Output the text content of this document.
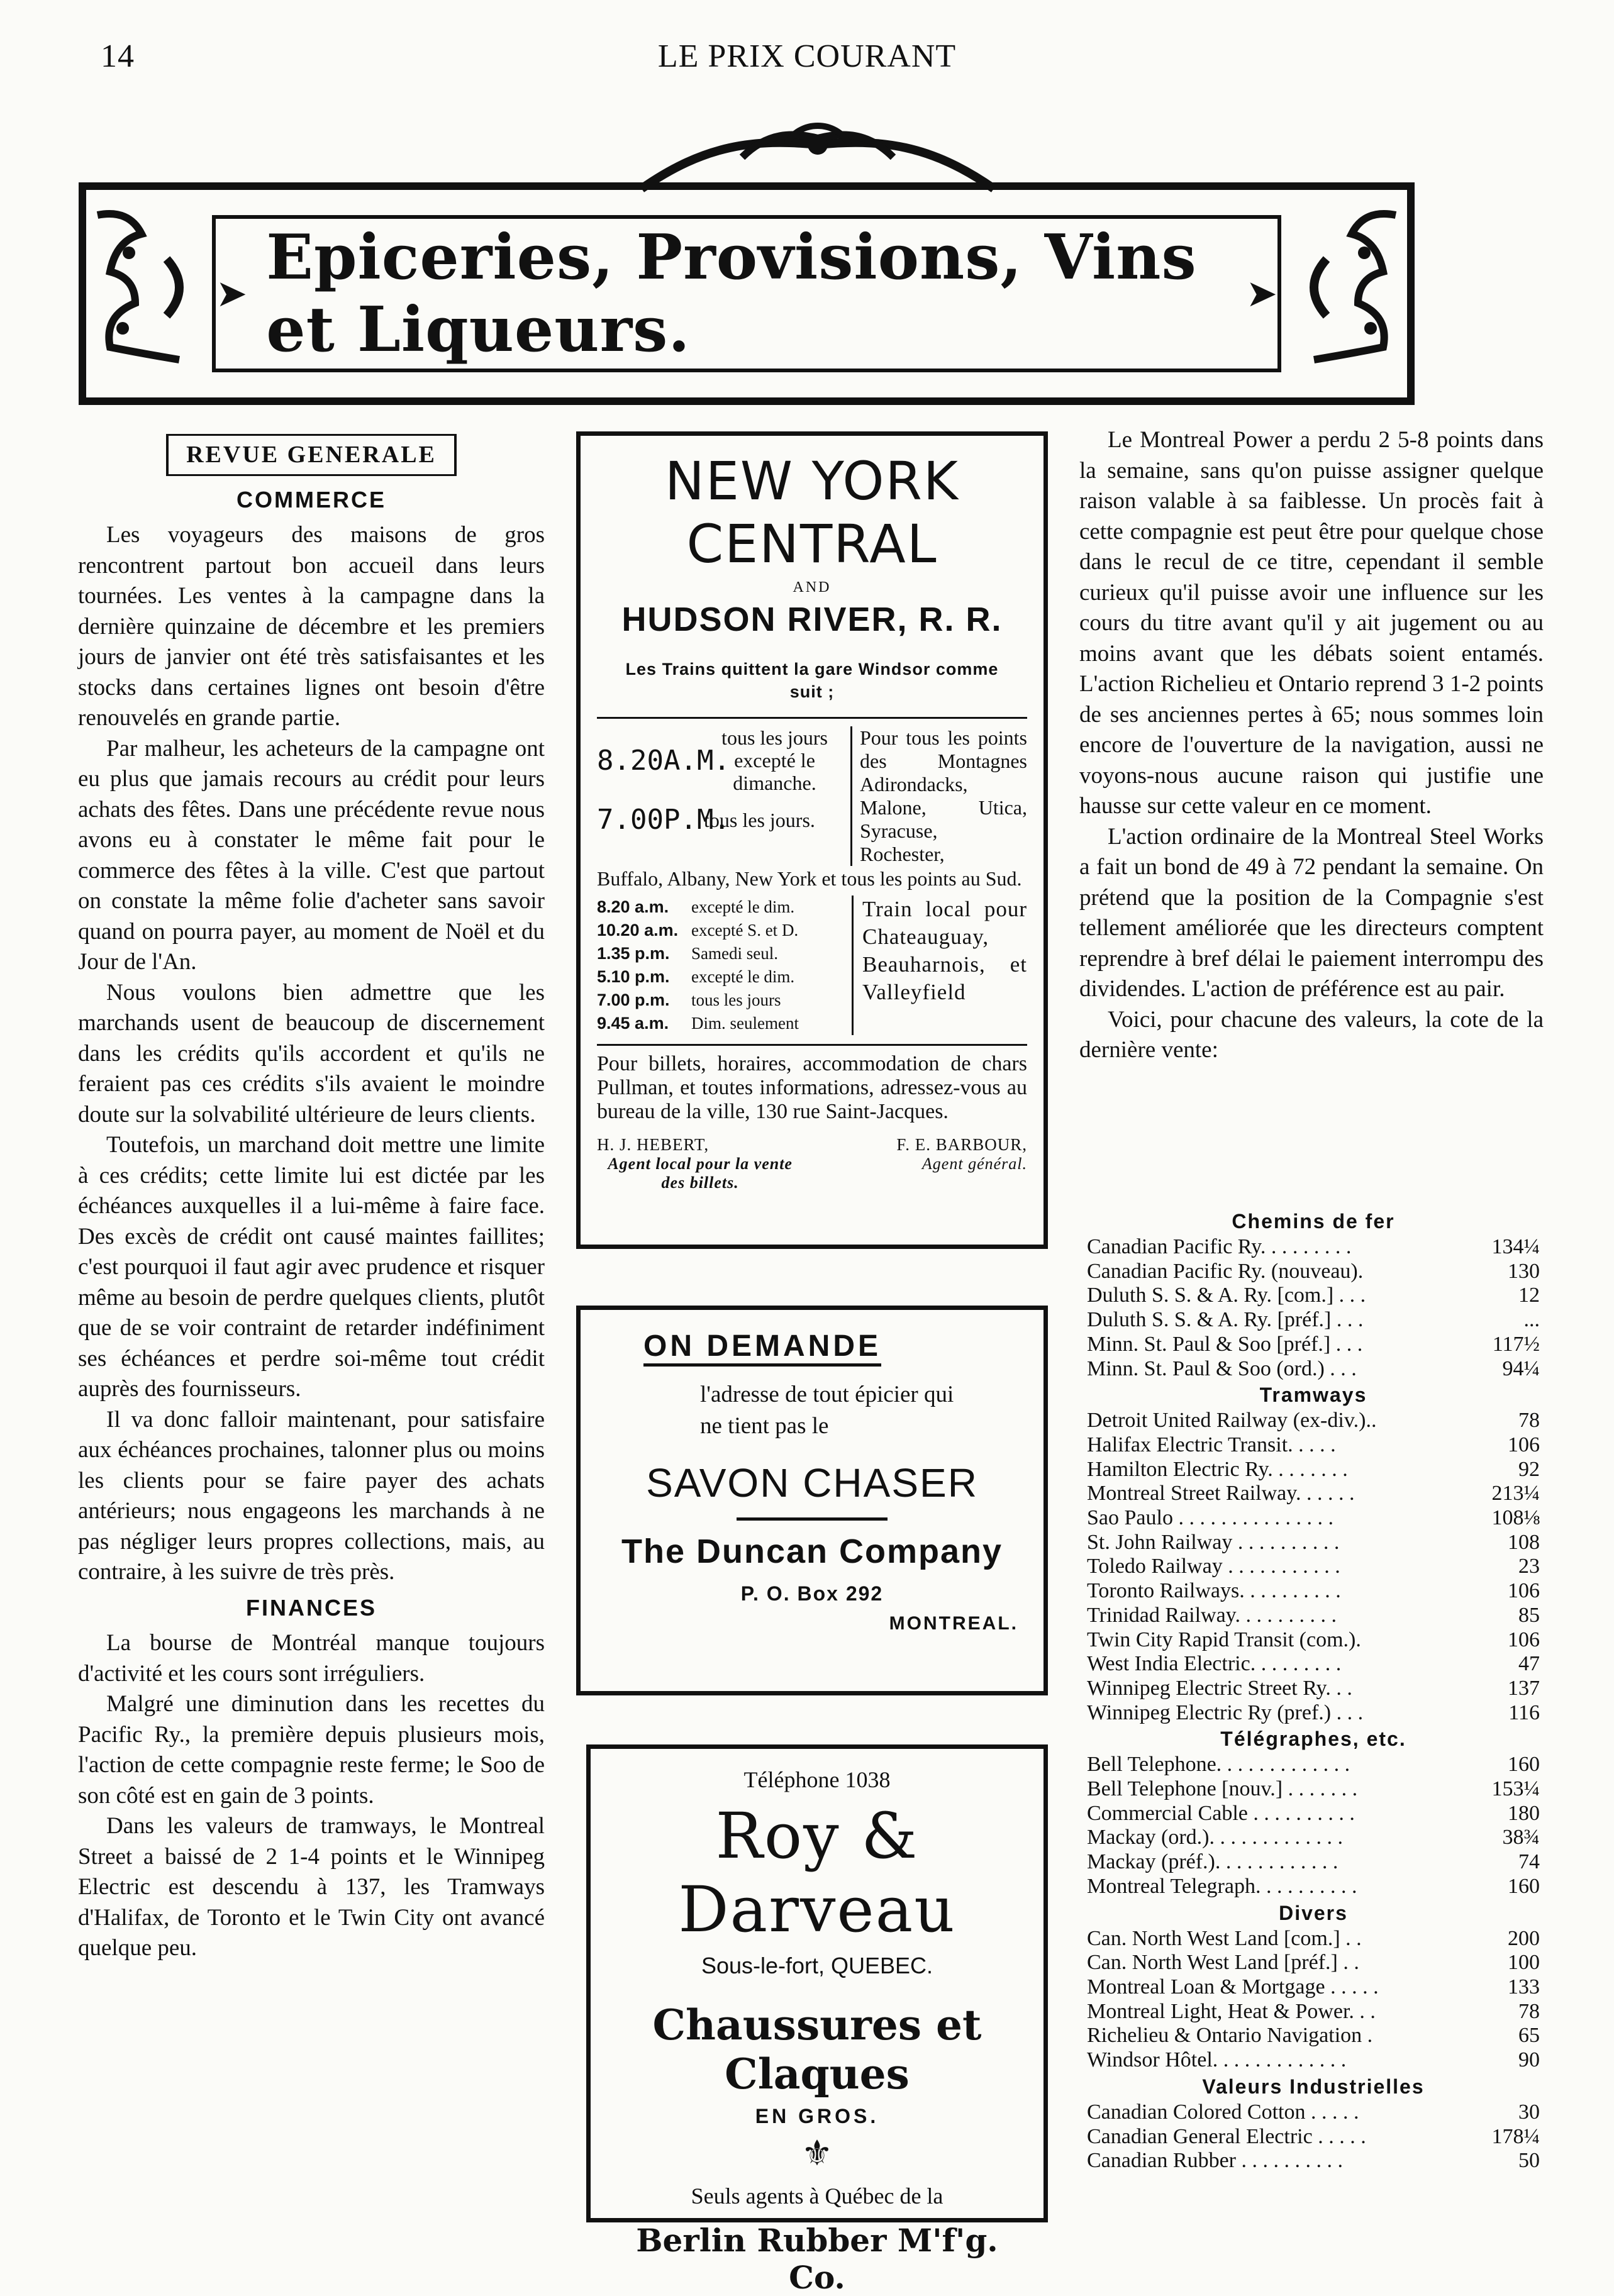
14	LE PRIX COURANT
➤ Epiceries, Provisions, Vins et Liqueurs.	➤
REVUE GENERALE
COMMERCE

Les voyageurs des maisons de gros rencontrent partout bon accueil dans leurs tournées. Les ventes à la campagne dans la dernière quinzaine de décembre et les premiers jours de janvier ont été très satisfaisantes et les stocks dans certaines lignes ont besoin d'être renouvelés en grande partie.

Par malheur, les acheteurs de la campagne ont eu plus que jamais recours au crédit pour leurs achats des fêtes. Dans une précédente revue nous avons eu à constater le même fait pour le commerce des fêtes à la ville. C'est que partout on constate la même folie d'acheter sans savoir quand on pourra payer, au moment de Noël et du Jour de l'An.

Nous voulons bien admettre que les marchands usent de beaucoup de discernement dans les crédits qu'ils accordent et qu'ils ne feraient pas ces crédits s'ils avaient le moindre doute sur la solvabilité ultérieure de leurs clients.

Toutefois, un marchand doit mettre une limite à ces crédits; cette limite lui est dictée par les échéances auxquelles il a lui-même à faire face. Des excès de crédit ont causé maintes faillites; c'est pourquoi il faut agir avec prudence et risquer même au besoin de perdre quelques clients, plutôt que de se voir contraint de retarder indéfiniment ses échéances et perdre soi-même tout crédit auprès des fournisseurs.

Il va donc falloir maintenant, pour satisfaire aux échéances prochaines, talonner plus ou moins les clients pour se faire payer des achats antérieurs; nous engageons les marchands à ne pas négliger leurs propres collections, mais, au contraire, à les suivre de très près.

FINANCES

La bourse de Montréal manque toujours d'activité et les cours sont irréguliers.

Malgré une diminution dans les recettes du Pacific Ry., la première depuis plusieurs mois, l'action de cette compagnie reste ferme; le Soo de son côté est en gain de 3 points.

Dans les valeurs de tramways, le Montreal Street a baissé de 2 1-4 points et le Winnipeg Electric est descendu à 137, les Tramways d'Halifax, de Toronto et le Twin City ont avancé quelque peu.

NEW YORK CENTRAL
AND
HUDSON RIVER, R. R.
Les Trains quittent la gare Windsor comme suit ;
8.20A.M.
tous les jours excepté le dimanche.
7.00P.M.
tous les jours.
Pour tous les points des Montagnes Adirondacks, Malone, Utica, Syracuse, Rochester,
Buffalo, Albany, New York et tous les points au Sud.
8.20 a.m.	excepté le dim.
10.20 a.m. excepté S. et D.
1.35 p.m.	Samedi seul.
5.10 p.m.	excepté le dim.
7.00 p.m.	tous les jours
9.45 a.m.	Dim. seulement
Train local pour Chateauguay, Beauharnois, et Valleyfield
Pour billets, horaires, accommodation de chars Pullman, et toutes informations, adressez-vous au bureau de la ville, 130 rue Saint-Jacques.
H. J. HEBERT,
Agent local pour la vente des billets.
F. E. BARBOUR,
Agent général.
ON DEMANDE
l'adresse de tout épicier qui ne tient pas le
SAVON CHASER
The Duncan Company
P. O. Box 292
MONTREAL.
Téléphone 1038
Roy & Darveau
Sous-le-fort, QUEBEC.
Chaussures et Claques
EN GROS.
⚜
Seuls agents à Québec de la
Berlin Rubber M'f'g. Co.

Le Montreal Power a perdu 2 5-8 points dans la semaine, sans qu'on puisse assigner quelque raison valable à sa faiblesse. Un procès fait à cette compagnie est peut être pour quelque chose dans le recul de ce titre, cependant il semble curieux qu'il puisse avoir une influence sur les cours du titre avant qu'il y ait jugement ou au moins avant que les débats soient entamés. L'action Richelieu et Ontario reprend 3 1-2 points de ses anciennes pertes à 65; nous sommes loin encore de l'ouverture de la navigation, aussi ne voyons-nous aucune raison qui justifie une hausse sur cette valeur en ce moment.

L'action ordinaire de la Montreal Steel Works a fait un bond de 49 à 72 pendant la semaine. On prétend que la position de la Compagnie s'est tellement améliorée que les directeurs comptent reprendre à bref délai le paiement interrompu des dividendes. L'action de préférence est au pair.

Voici, pour chacune des valeurs, la cote de la dernière vente:

Chemins de fer
Canadian Pacific Ry. . . . . . . . .	134¼
Canadian Pacific Ry. (nouveau).	130
Duluth S. S. & A. Ry. [com.] . . .	12
Duluth S. S. & A. Ry. [préf.] . . .	...
Minn. St. Paul & Soo [préf.] . . .	117½
Minn. St. Paul & Soo (ord.) . . .	94¼
Tramways
Detroit United Railway (ex-div.)..	78
Halifax Electric Transit. . . . .	106
Hamilton Electric Ry. . . . . . . .	92
Montreal Street Railway. . . . . .	213¼
Sao Paulo . . . . . . . . . . . . . . .	108⅛
St. John Railway . . . . . . . . . .	108
Toledo Railway . . . . . . . . . . .	23
Toronto Railways. . . . . . . . . .	106
Trinidad Railway. . . . . . . . . .	85
Twin City Rapid Transit (com.).	106
West India Electric. . . . . . . . .	47
Winnipeg Electric Street Ry. . .	137
Winnipeg Electric Ry (pref.) . . .	116
Télégraphes, etc.
Bell Telephone. . . . . . . . . . . . .	160
Bell Telephone [nouv.] . . . . . . .	153¼
Commercial Cable . . . . . . . . . .	180
Mackay (ord.). . . . . . . . . . . . .	38¾
Mackay (préf.). . . . . . . . . . . .	74
Montreal Telegraph. . . . . . . . . .	160
Divers
Can. North West Land [com.] . .	200
Can. North West Land [préf.] . .	100
Montreal Loan & Mortgage . . . . .	133
Montreal Light, Heat & Power. . .	78
Richelieu & Ontario Navigation .	65
Windsor Hôtel. . . . . . . . . . . . .	90
Valeurs Industrielles
Canadian Colored Cotton . . . . .	30
Canadian General Electric . . . . .	178¼
Canadian Rubber . . . . . . . . . .	50
